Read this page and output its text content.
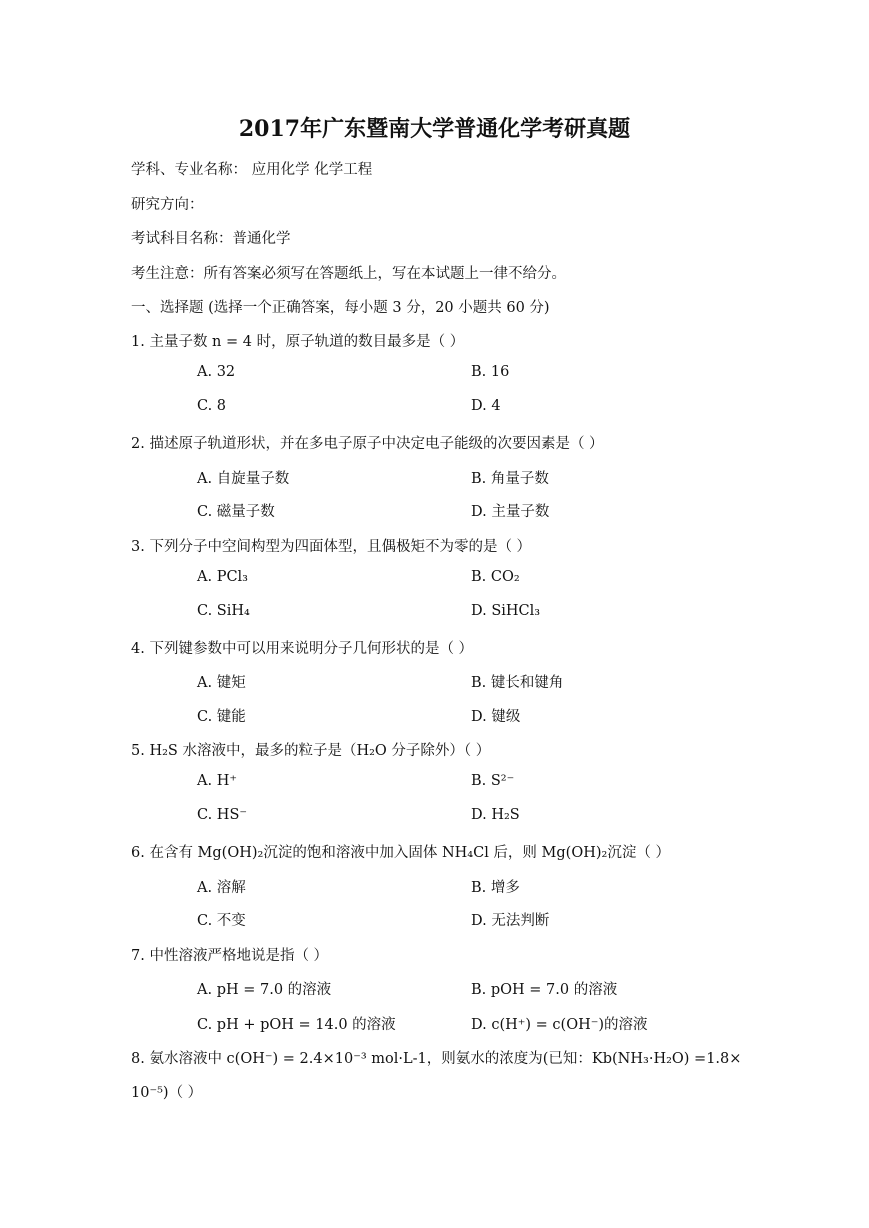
2017年广东暨南大学普通化学考研真题
学科、专业名称： 应用化学 化学工程
研究方向：
考试科目名称：普通化学
考生注意：所有答案必须写在答题纸上，写在本试题上一律不给分。
一、选择题 (选择一个正确答案，每小题 3 分，20 小题共 60 分)
1. 主量子数 n = 4 时，原子轨道的数目最多是（ ）
A. 32	B. 16
C. 8	D. 4
2. 描述原子轨道形状，并在多电子原子中决定电子能级的次要因素是（ ）
A. 自旋量子数	B. 角量子数
C. 磁量子数	D. 主量子数
3. 下列分子中空间构型为四面体型，且偶极矩不为零的是（ ）
A. PCl₃	B. CO₂
C. SiH₄	D. SiHCl₃
4. 下列键参数中可以用来说明分子几何形状的是（ ）
A. 键矩	B. 键长和键角
C. 键能	D. 键级
5. H₂S 水溶液中，最多的粒子是（H₂O 分子除外）（ ）
A. H⁺	B. S²⁻
C. HS⁻	D. H₂S
6. 在含有 Mg(OH)₂沉淀的饱和溶液中加入固体 NH₄Cl 后，则 Mg(OH)₂沉淀（ ）
A. 溶解	B. 增多
C. 不变	D. 无法判断
7. 中性溶液严格地说是指（ ）
A. pH = 7.0 的溶液	B. pOH = 7.0 的溶液
C. pH + pOH = 14.0 的溶液	D. c(H⁺) = c(OH⁻)的溶液
8. 氨水溶液中 c(OH⁻) = 2.4×10⁻³ mol·L-1，则氨水的浓度为(已知：Kb(NH₃·H₂O) =1.8×
10⁻⁵)（ ）
